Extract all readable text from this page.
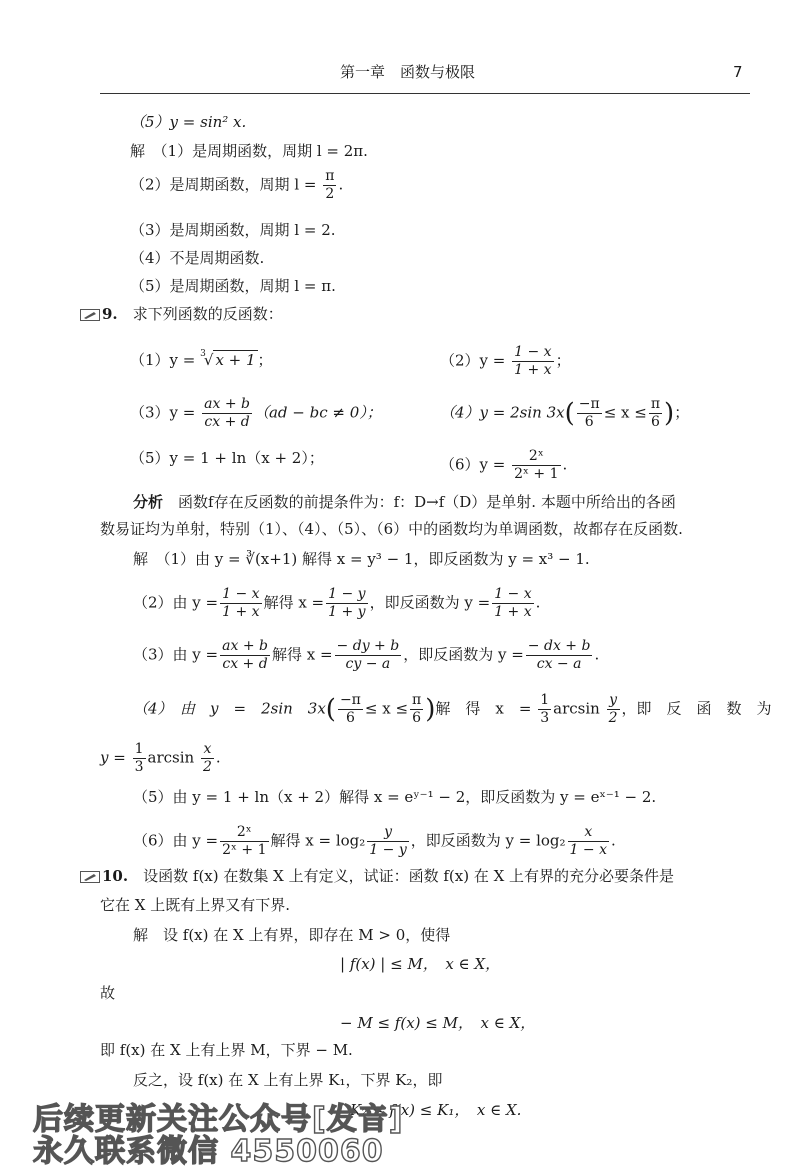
第一章　函数与极限	7
（5）y = sin² x.
解　 （1）是周期函数，周期 l = 2π.
（2）是周期函数，周期 $l = \frac{\pi}{2}$ .
（3）是周期函数，周期 l = 2.
（4）不是周期函数.
（5）是周期函数，周期 l = π.
9.　 求下列函数的反函数：
（1）y = $^3$√ x + 1 ；	$(2)y = \frac{1 - x}{1 + x}$ ；
$(3)y = \frac{ax + b}{cx + d} (ad$ − bc ≠ 0）；	（4）y = 2sin $3x( \frac{-\pi}{6} \le x \le \frac{\pi}{6}$ )；
（5）y = 1 + ln（x + 2）；	$(6)y = \frac{\text{2ˣ}}{\text{2ˣ + 1}}$ .
分析　 函数f存在反函数的前提条件为：f：D→f（D）是单射. 本题中所给出的各函
数易证均为单射，特别（1）、（4）、（5）、（6）中的函数均为单调函数，故都存在反函数.
解　（1）由 y = ∛(x+1) 解得 x = y³ − 1，即反函数为 y = x³ − 1.
（2）由 $y = \frac{1 - x}{1 + x}$ 解得 $x = \frac{1 - y}{1 + y}$ ，即反函数为 $y = \frac{1 - x}{1 + x}$ .
（3）由 $y = \frac{ax + b}{cx + d}$ 解得 $x = \frac{- dy + b}{cy - a}$ ，即反函数为 $y = \frac{- dx + b}{cx - a}$ .
（4）　由　y　=　2sin　$3x( \frac{-\pi}{6} \le x \le \frac{\pi}{6}$ )解　得　x　= $\frac{1}{3}$ $\arcsin \frac{y}{2}$ ，即　反　函　数　为
$y = \frac{1}{3}$ $\arcsin \frac{x}{2}$ .
（5）由 y = 1 + ln（x + 2）解得 x = eʸ⁻¹ − 2，即反函数为 y = eˣ⁻¹ − 2.
（6）由 $y = \frac{\text{2ˣ}}{\text{2ˣ + 1}}$ 解得 $x = \log_2 \frac{y}{1 - y}$ ，即反函数为 $y = \log_2 \frac{x}{1 - x}$ .
10.　 设函数 f(x) 在数集 X 上有定义，试证：函数 f(x) 在 X 上有界的充分必要条件是
它在 X 上既有上界又有下界.
解　设 f(x) 在 X 上有界，即存在 M > 0，使得
| f(x) | ≤ M，　x ∈ X，
故
− M ≤ f(x) ≤ M，　x ∈ X，
即 f(x) 在 X 上有上界 M，下界 − M.
反之，设 f(x) 在 X 上有上界 K₁，下界 K₂，即
K₂ ≤ f(x) ≤ K₁，　x ∈ X.
后续更新关注公众号[发音]
永久联系微信 4550060
